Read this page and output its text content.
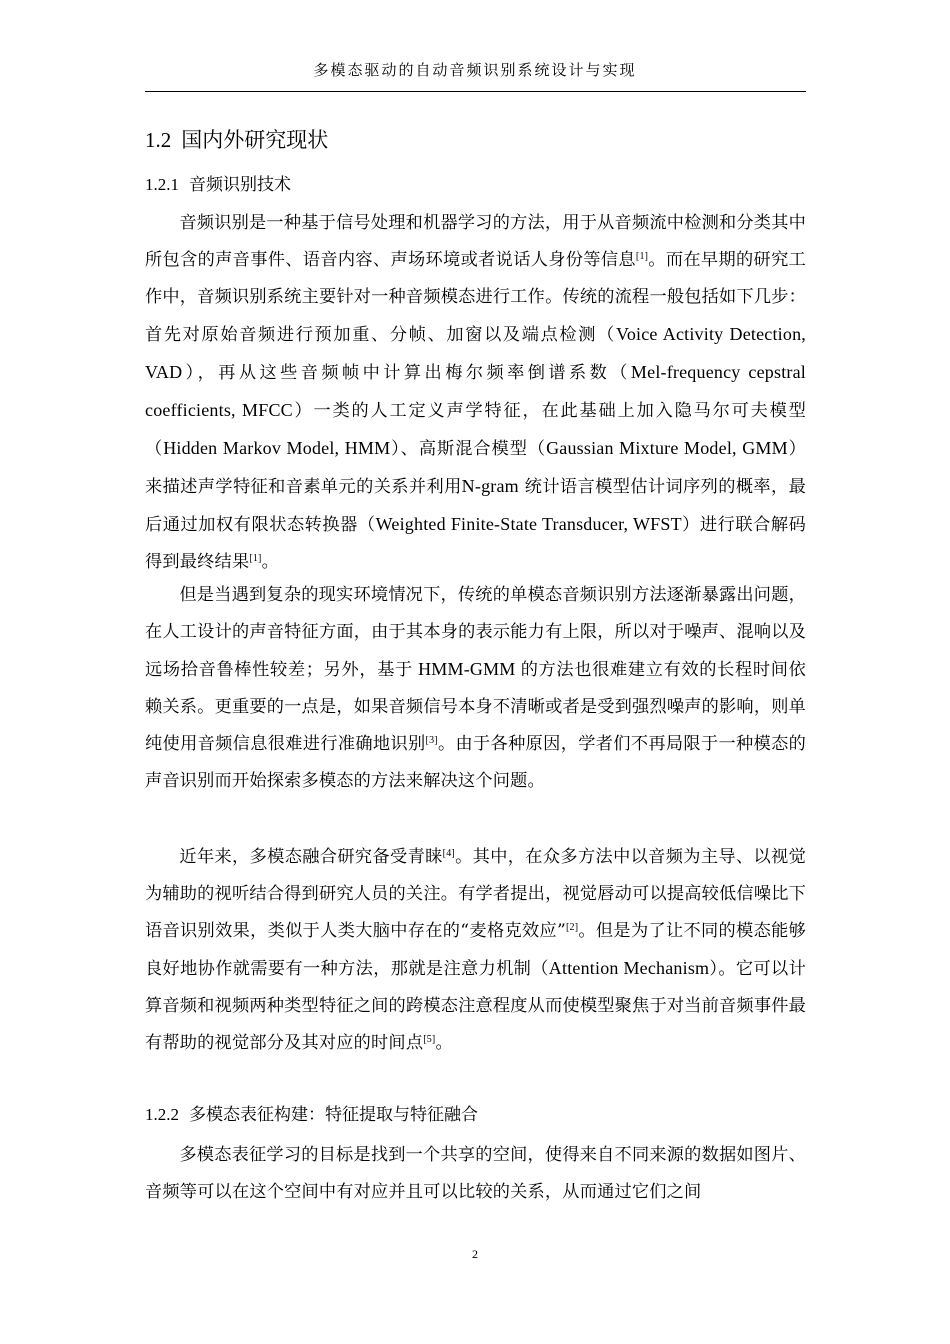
多模态驱动的自动音频识别系统设计与实现
1.2 国内外研究现状
1.2.1 音频识别技术

音频识别是一种基于信号处理和机器学习的方法，用于从音频流中检测和分类其中所包含的声音事件、语音内容、声场环境或者说话人身份等信息[1]。而在早期的研究工作中，音频识别系统主要针对一种音频模态进行工作。传统的流程一般包括如下几步：首先对原始音频进行预加重、分帧、加窗以及端点检测（Voice Activity Detection, VAD），再从这些音频帧中计算出梅尔频率倒谱系数（Mel-frequency cepstral coefficients, MFCC）一类的人工定义声学特征，在此基础上加入隐马尔可夫模型（Hidden Markov Model, HMM）、高斯混合模型（Gaussian Mixture Model, GMM）来描述声学特征和音素单元的关系并利用N-gram 统计语言模型估计词序列的概率，最后通过加权有限状态转换器（Weighted Finite-State Transducer, WFST）进行联合解码得到最终结果[1]。

但是当遇到复杂的现实环境情况下，传统的单模态音频识别方法逐渐暴露出问题，在人工设计的声音特征方面，由于其本身的表示能力有上限，所以对于噪声、混响以及远场拾音鲁棒性较差；另外，基于 HMM-GMM 的方法也很难建立有效的长程时间依赖关系。更重要的一点是，如果音频信号本身不清晰或者是受到强烈噪声的影响，则单纯使用音频信息很难进行准确地识别[3]。由于各种原因，学者们不再局限于一种模态的声音识别而开始探索多模态的方法来解决这个问题。

近年来，多模态融合研究备受青睐[4]。其中，在众多方法中以音频为主导、以视觉为辅助的视听结合得到研究人员的关注。有学者提出，视觉唇动可以提高较低信噪比下语音识别效果，类似于人类大脑中存在的“麦格克效应”[2]。但是为了让不同的模态能够良好地协作就需要有一种方法，那就是注意力机制（Attention Mechanism）。它可以计算音频和视频两种类型特征之间的跨模态注意程度从而使模型聚焦于对当前音频事件最有帮助的视觉部分及其对应的时间点[5]。

1.2.2 多模态表征构建：特征提取与特征融合

多模态表征学习的目标是找到一个共享的空间，使得来自不同来源的数据如图片、音频等可以在这个空间中有对应并且可以比较的关系，从而通过它们之间

2
